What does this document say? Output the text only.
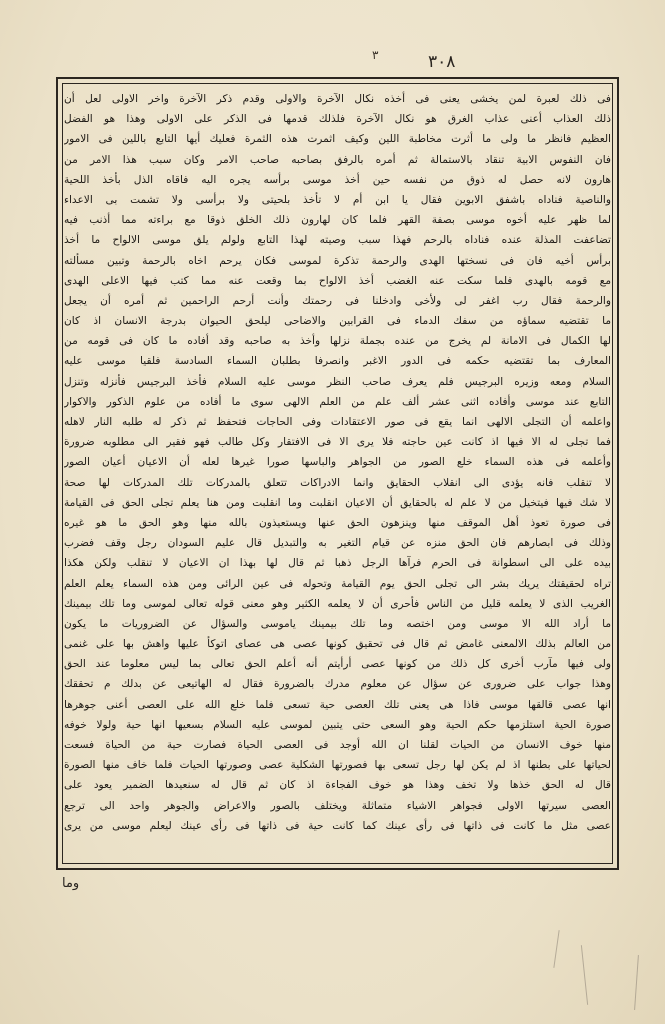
٣	٣٠٨
فى ذلك لعبرة لمن يخشى يعنى فى أخذه نكال الآخرة والاولى وقدم ذكر الآخرة واخر الاولى لعل أن
ذلك العذاب أعنى عذاب الغرق هو نكال الآخرة فلذلك قدمها فى الذكر على الاولى وهذا هو الفضل
العظيم فانظر ما ولى ما أثرت مخاطبة اللين وكيف اثمرت هذه الثمرة فعليك أيها التابع باللين فى الامور
فان النفوس الابية تنقاد بالاستمالة ثم أمره بالرفق بصاحبه صاحب الامر وكان سبب هذا الامر من
هارون لانه حصل له ذوق من نفسه حين أخذ موسى برأسه يجره اليه فاقاه الذل بأخذ اللحية
والناصية فناداه باشفق الابوين فقال يا ابن أم لا تأخذ بلحيتى ولا برأسى ولا تشمت بى الاعداء
لما ظهر عليه أخوه موسى بصفة القهر فلما كان لهارون ذلك الخلق ذوقا مع براءته مما أذنب فيه
تضاعفت المذلة عنده فناداه بالرحم فهذا سبب وصيته لهذا التابع ولولم يلق موسى الالواح ما أخذ
برأس أخيه فان فى نسختها الهدى والرحمة تذكرة لموسى فكان يرحم اخاه بالرحمة وتبين مسألته
مع قومه بالهدى فلما سكت عنه الغضب أخذ الالواح بما وقعت عنه مما كتب فيها الاعلى الهدى
والرحمة فقال رب اغفر لى ولأخى وادخلنا فى رحمتك وأنت أرحم الراحمين ثم أمره أن يجعل
ما تقتضيه سماؤه من سفك الدماء فى القرابين والاضاحى ليلحق الحيوان بدرجة الانسان اذ كان
لها الكمال فى الامانة لم يخرج من عنده بجملة نزلها وأخذ به صاحبه وقد أفاده ما كان فى قومه من
المعارف بما تقتضيه حكمه فى الدور الاغبر وانصرفا بطلبان السماء السادسة فلقيا موسى عليه
السلام ومعه وزيره البرجيس فلم يعرف صاحب النظر موسى عليه السلام فأخذ البرجيس فأنزله وتنزل
التابع عند موسى وأفاده اثنى عشر ألف علم من العلم الالهى سوى ما أفاده من علوم الذكور والاكوار
واعلمه أن التجلى الالهى انما يقع فى صور الاعتقادات وفى الحاجات فتحفظ ثم ذكر له طلبه النار لاهله
فما تجلى له الا فيها اذ كانت عين حاجته فلا يرى الا فى الافتقار وكل طالب فهو فقير الى مطلوبه ضرورة
وأعلمه فى هذه السماء خلع الصور من الجواهر والباسها صورا غيرها لعله أن الاعيان أعيان الصور
لا تنقلب فانه يؤدى الى انقلاب الحقايق وانما الادراكات تتعلق بالمدركات تلك المدركات لها صحة
لا شك فيها فيتخيل من لا علم له بالحقايق أن الاعيان انقلبت وما انقلبت ومن هنا يعلم تجلى الحق فى القيامة
فى صورة تعوذ أهل الموقف منها وينزهون الحق عنها ويستعيذون بالله منها وهو الحق ما هو غيره
وذلك فى ابصارهم فان الحق منزه عن قيام التغير به والتبديل قال عليم السودان رجل وقف فضرب
بيده على الى اسطوانة فى الحرم فرآها الرجل ذهبا ثم قال لها بهذا ان الاعيان لا تنقلب ولكن هكذا
تراه لحقيقتك يريك بشر الى تجلى الحق يوم القيامة وتحوله فى عين الرائى ومن هذه السماء يعلم العلم
الغريب الذى لا يعلمه قليل من الناس فأحرى أن لا يعلمه الكثير وهو معنى قوله تعالى لموسى وما تلك بيمينك
ما أراد الله الا موسى ومن اختصه وما تلك بيمينك ياموسى والسؤال عن الضروريات ما يكون
من العالم بذلك الالمعنى غامض ثم قال فى تحقيق كونها عصى هى عصاى اتوكأ عليها واهش بها على غنمى
ولى فيها مآرب أخرى كل ذلك من كونها عصى أرأيتم أنه أعلم الحق تعالى بما ليس معلوما عند الحق
وهذا جواب على ضرورى عن سؤال عن معلوم مدرك بالضرورة فقال له الهاتيعى عن بدلك م تحققك
انها عصى قالقها موسى فاذا هى يعنى تلك العصى حية تسعى فلما خلع الله على العصى أعنى جوهرها
صورة الحية استلزمها حكم الحية وهو السعى حتى يتبين لموسى عليه السلام بسعيها انها حية ولولا خوفه
منها خوف الانسان من الحيات لقلنا ان الله أوجد فى العصى الحياة فصارت حية من الحياة فسعت
لحياتها على بطنها اذ لم يكن لها رجل تسعى بها فصورتها الشكلية عصى وصورتها الحيات فلما خاف منها الصورة
قال له الحق خذها ولا تخف وهذا هو خوف الفجاءة اذ كان ثم قال له سنعيدها الضمير يعود على
العصى سيرتها الاولى فجواهر الاشياء متماثلة ويختلف بالصور والاعراض والجوهر واحد الى ترجع
عصى مثل ما كانت فى ذاتها فى رأى عينك كما كانت حية فى ذاتها فى رأى عينك ليعلم موسى من يرى
وما
